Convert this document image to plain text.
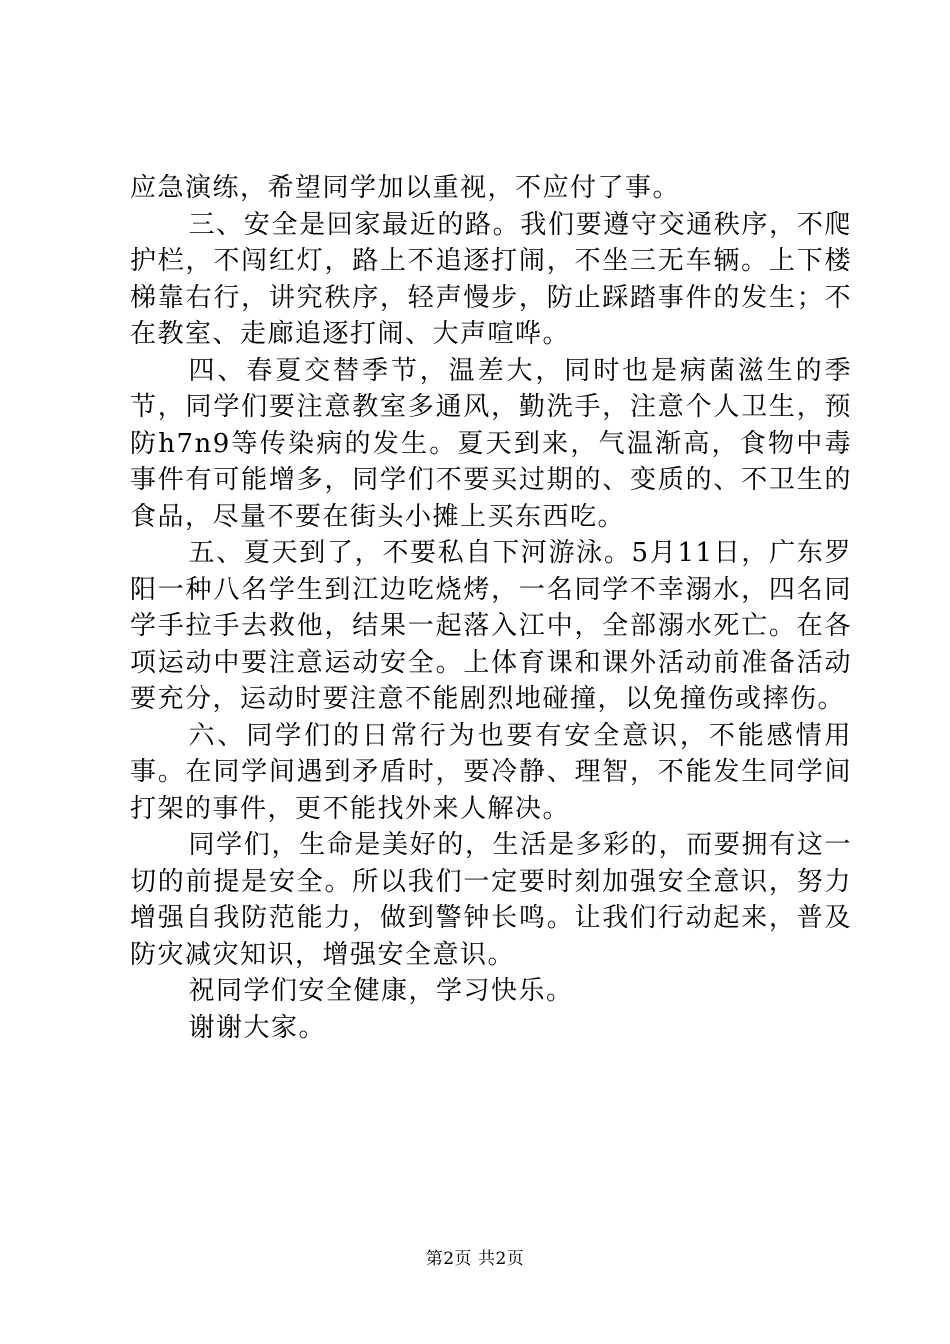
应急演练，希望同学加以重视，不应付了事。

三、安全是回家最近的路。我们要遵守交通秩序，不爬护栏，不闯红灯，路上不追逐打闹，不坐三无车辆。上下楼梯靠右行，讲究秩序，轻声慢步，防止踩踏事件的发生；不在教室、走廊追逐打闹、大声喧哗。

四、春夏交替季节，温差大，同时也是病菌滋生的季节，同学们要注意教室多通风，勤洗手，注意个人卫生，预防h7n9等传染病的发生。夏天到来，气温渐高，食物中毒事件有可能增多，同学们不要买过期的、变质的、不卫生的食品，尽量不要在街头小摊上买东西吃。

五、夏天到了，不要私自下河游泳。5月11日，广东罗阳一种八名学生到江边吃烧烤，一名同学不幸溺水，四名同学手拉手去救他，结果一起落入江中，全部溺水死亡。在各项运动中要注意运动安全。上体育课和课外活动前准备活动要充分，运动时要注意不能剧烈地碰撞，以免撞伤或摔伤。

六、同学们的日常行为也要有安全意识，不能感情用事。在同学间遇到矛盾时，要冷静、理智，不能发生同学间打架的事件，更不能找外来人解决。

同学们，生命是美好的，生活是多彩的，而要拥有这一切的前提是安全。所以我们一定要时刻加强安全意识，努力增强自我防范能力，做到警钟长鸣。让我们行动起来，普及防灾减灾知识，增强安全意识。

祝同学们安全健康，学习快乐。

谢谢大家。

第2页 共2页
